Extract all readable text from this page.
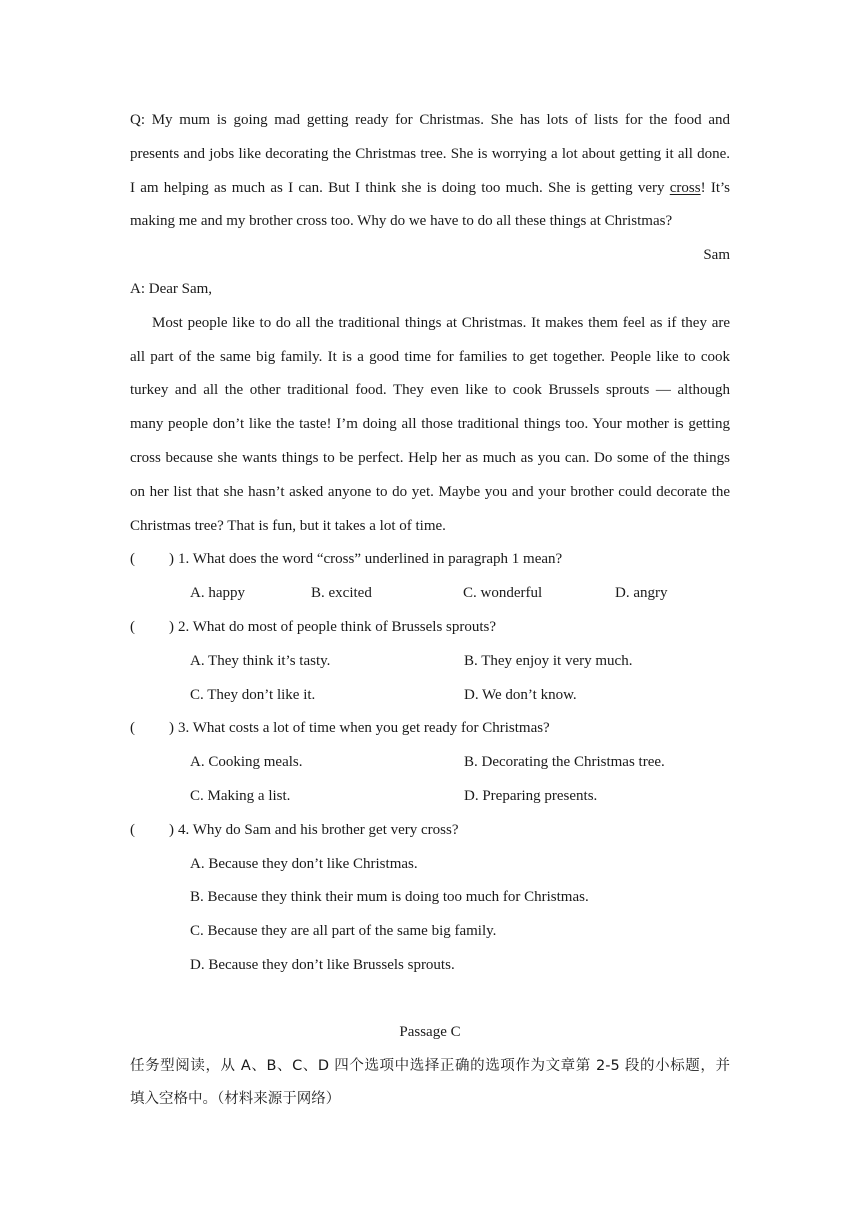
Q: My mum is going mad getting ready for Christmas. She has lots of lists for the food and
presents and jobs like decorating the Christmas tree. She is worrying a lot about getting it all done.
I am helping as much as I can. But I think she is doing too much. She is getting very cross! It’s
making me and my brother cross too. Why do we have to do all these things at Christmas?
Sam
A: Dear Sam,
Most people like to do all the traditional things at Christmas. It makes them feel as if they are
all part of the same big family. It is a good time for families to get together. People like to cook
turkey and all the other traditional food. They even like to cook Brussels sprouts — although
many people don’t like the taste! I’m doing all those traditional things too. Your mother is getting
cross because she wants things to be perfect. Help her as much as you can. Do some of the things
on her list that she hasn’t asked anyone to do yet. Maybe you and your brother could decorate the
Christmas tree? That is fun, but it takes a lot of time.
( ) 1. What does the word “cross” underlined in paragraph 1 mean?
A. happy	B. excited	C. wonderful	D. angry
( ) 2. What do most of people think of Brussels sprouts?
A. They think it’s tasty.	B. They enjoy it very much.
C. They don’t like it.	D. We don’t know.
( ) 3. What costs a lot of time when you get ready for Christmas?
A. Cooking meals.	B. Decorating the Christmas tree.
C. Making a list.	D. Preparing presents.
( ) 4. Why do Sam and his brother get very cross?
A. Because they don’t like Christmas.
B. Because they think their mum is doing too much for Christmas.
C. Because they are all part of the same big family.
D. Because they don’t like Brussels sprouts.
Passage C
任务型阅读，从 A、B、C、D 四个选项中选择正确的选项作为文章第 2-5 段的小标题，并
填入空格中。（材料来源于网络）
